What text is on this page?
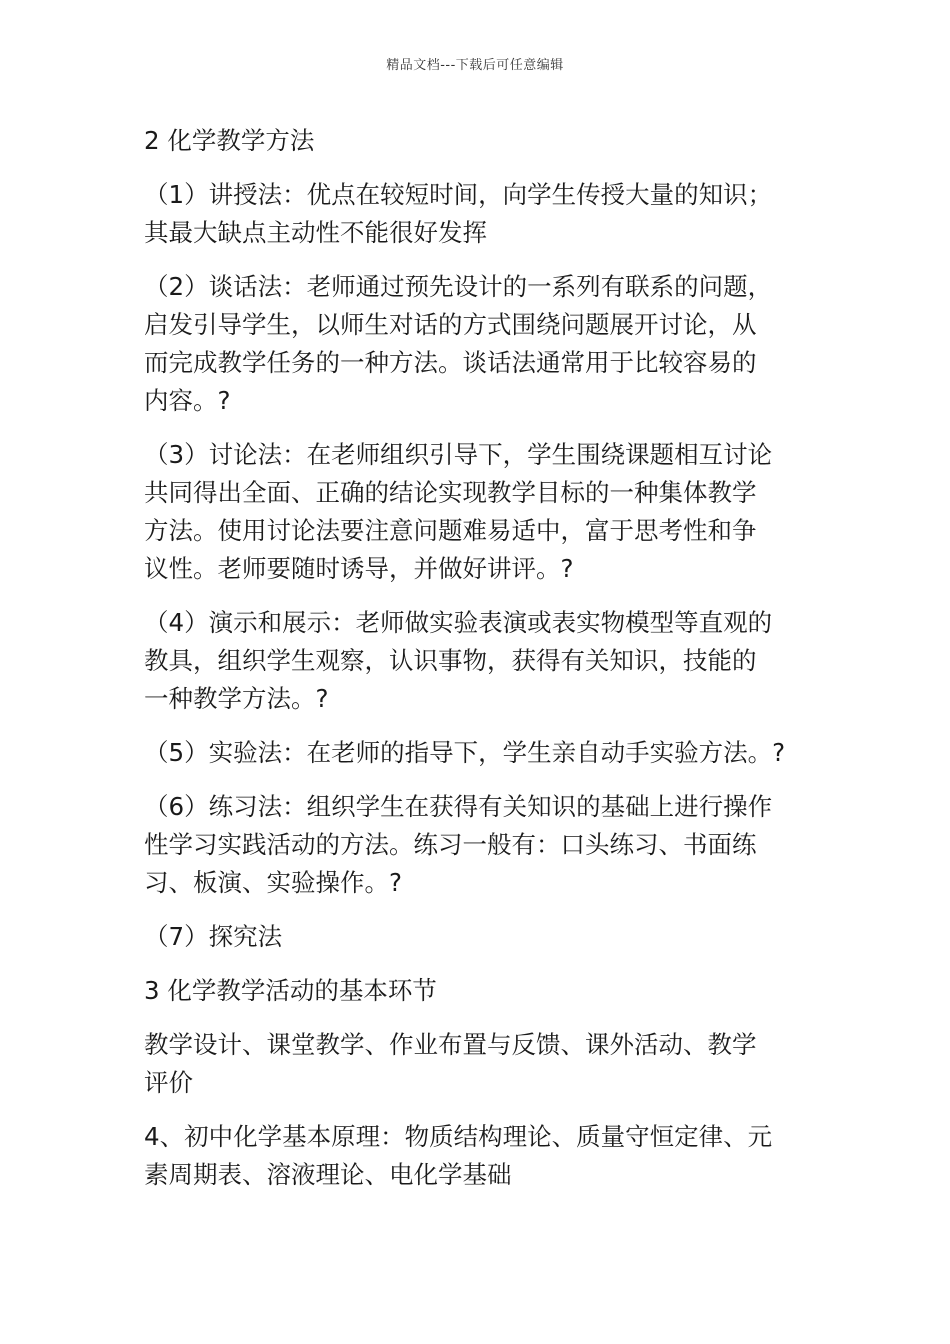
精品文档---下载后可任意编辑
2 化学教学方法
（1）讲授法：优点在较短时间，向学生传授大量的知识；
其最大缺点主动性不能很好发挥
（2）谈话法：老师通过预先设计的一系列有联系的问题，
启发引导学生，以师生对话的方式围绕问题展开讨论，从
而完成教学任务的一种方法。谈话法通常用于比较容易的
内容。?
（3）讨论法：在老师组织引导下，学生围绕课题相互讨论
共同得出全面、正确的结论实现教学目标的一种集体教学
方法。使用讨论法要注意问题难易适中，富于思考性和争
议性。老师要随时诱导，并做好讲评。?
（4）演示和展示：老师做实验表演或表实物模型等直观的
教具，组织学生观察，认识事物，获得有关知识，技能的
一种教学方法。?
（5）实验法：在老师的指导下，学生亲自动手实验方法。?
（6）练习法：组织学生在获得有关知识的基础上进行操作
性学习实践活动的方法。练习一般有：口头练习、书面练
习、板演、实验操作。?
（7）探究法
3 化学教学活动的基本环节
教学设计、课堂教学、作业布置与反馈、课外活动、教学
评价
4、初中化学基本原理：物质结构理论、质量守恒定律、元
素周期表、溶液理论、电化学基础
